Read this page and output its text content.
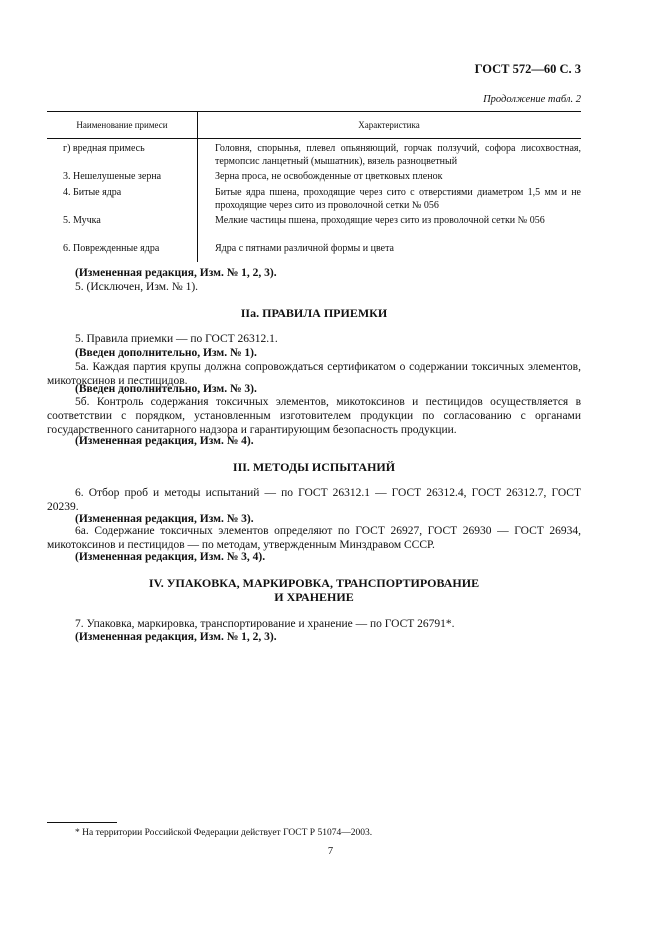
ГОСТ 572—60 С. 3
Продолжение табл. 2
Наименование примеси	Характеристика
г) вредная примесь	Головня, спорынья, плевел опьяняющий, горчак ползучий, софора лисохвостная, термопсис ланцетный (мышатник), вязель разноцветный
3. Нешелушеные зерна	Зерна проса, не освобожденные от цветковых пленок
4. Битые ядра	Битые ядра пшена, проходящие через сито с отверстиями диаметром 1,5 мм и не проходящие через сито из проволочной сетки № 056
5. Мучка	Мелкие частицы пшена, проходящие через сито из проволочной сетки № 056
6. Поврежденные ядра	Ядра с пятнами различной формы и цвета
(Измененная редакция, Изм. № 1, 2, 3).
5. (Исключен, Изм. № 1).
IIa. ПРАВИЛА ПРИЕМКИ
5. Правила приемки — по ГОСТ 26312.1.
(Введен дополнительно, Изм. № 1).
5а. Каждая партия крупы должна сопровождаться сертификатом о содержании токсичных элементов, микотоксинов и пестицидов.
(Введен дополнительно, Изм. № 3).
5б. Контроль содержания токсичных элементов, микотоксинов и пестицидов осуществляется в соответствии с порядком, установленным изготовителем продукции по согласованию с органами государственного санитарного надзора и гарантирующим безопасность продукции.
(Измененная редакция, Изм. № 4).
III. МЕТОДЫ ИСПЫТАНИЙ
6. Отбор проб и методы испытаний — по ГОСТ 26312.1 — ГОСТ 26312.4, ГОСТ 26312.7, ГОСТ 20239.
(Измененная редакция, Изм. № 3).
6а. Содержание токсичных элементов определяют по ГОСТ 26927, ГОСТ 26930 — ГОСТ 26934, микотоксинов и пестицидов — по методам, утвержденным Минздравом СССР.
(Измененная редакция, Изм. № 3, 4).
IV. УПАКОВКА, МАРКИРОВКА, ТРАНСПОРТИРОВАНИЕ
И ХРАНЕНИЕ
7. Упаковка, маркировка, транспортирование и хранение — по ГОСТ 26791*.
(Измененная редакция, Изм. № 1, 2, 3).
* На территории Российской Федерации действует ГОСТ Р 51074—2003.
7
